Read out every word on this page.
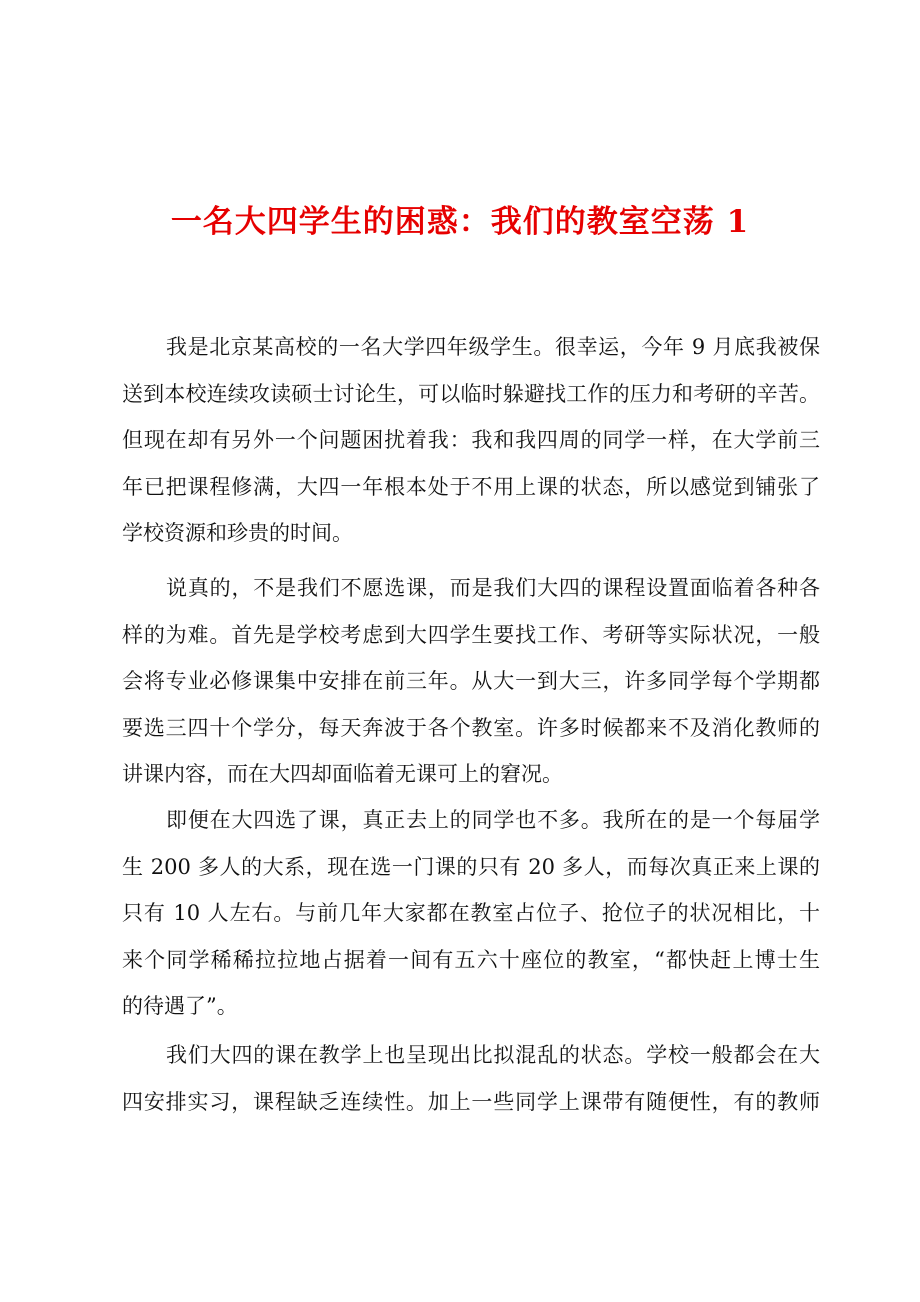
一名大四学生的困惑：我们的教室空荡 1
我是北京某高校的一名大学四年级学生。很幸运，今年 9 月底我被保
送到本校连续攻读硕士讨论生，可以临时躲避找工作的压力和考研的辛苦。
但现在却有另外一个问题困扰着我：我和我四周的同学一样，在大学前三
年已把课程修满，大四一年根本处于不用上课的状态，所以感觉到铺张了
学校资源和珍贵的时间。
说真的，不是我们不愿选课，而是我们大四的课程设置面临着各种各
样的为难。首先是学校考虑到大四学生要找工作、考研等实际状况，一般
会将专业必修课集中安排在前三年。从大一到大三，许多同学每个学期都
要选三四十个学分，每天奔波于各个教室。许多时候都来不及消化教师的
讲课内容，而在大四却面临着无课可上的窘况。
即便在大四选了课，真正去上的同学也不多。我所在的是一个每届学
生 200 多人的大系，现在选一门课的只有 20 多人，而每次真正来上课的
只有 10 人左右。与前几年大家都在教室占位子、抢位子的状况相比，十
来个同学稀稀拉拉地占据着一间有五六十座位的教室，“都快赶上博士生
的待遇了”。
我们大四的课在教学上也呈现出比拟混乱的状态。学校一般都会在大
四安排实习，课程缺乏连续性。加上一些同学上课带有随便性，有的教师
